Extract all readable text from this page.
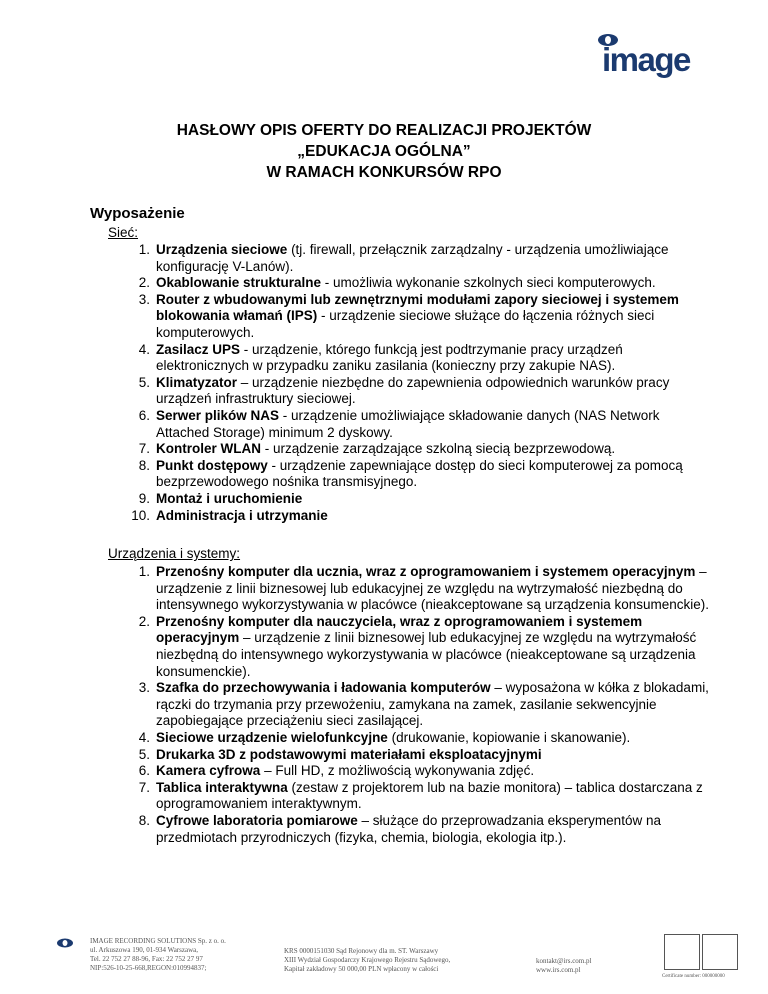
image
HASŁOWY OPIS OFERTY DO REALIZACJI PROJEKTÓW
„EDUKACJA OGÓLNA”
W RAMACH KONKURSÓW RPO
Wyposażenie
Sieć:
1. Urządzenia sieciowe (tj. firewall, przełącznik zarządzalny - urządzenia umożliwiające konfigurację V-Lanów).
2. Okablowanie strukturalne - umożliwia wykonanie szkolnych sieci komputerowych.
3. Router z wbudowanymi lub zewnętrznymi modułami zapory sieciowej i systemem blokowania włamań (IPS) - urządzenie sieciowe służące do łączenia różnych sieci komputerowych.
4. Zasilacz UPS - urządzenie, którego funkcją jest podtrzymanie pracy urządzeń elektronicznych w przypadku zaniku zasilania (konieczny przy zakupie NAS).
5. Klimatyzator – urządzenie niezbędne do zapewnienia odpowiednich warunków pracy urządzeń infrastruktury sieciowej.
6. Serwer plików NAS - urządzenie umożliwiające składowanie danych (NAS Network Attached Storage) minimum 2 dyskowy.
7. Kontroler WLAN - urządzenie zarządzające szkolną siecią bezprzewodową.
8. Punkt dostępowy - urządzenie zapewniające dostęp do sieci komputerowej za pomocą bezprzewodowego nośnika transmisyjnego.
9. Montaż i uruchomienie
10. Administracja i utrzymanie
Urządzenia i systemy:
1. Przenośny komputer dla ucznia, wraz z oprogramowaniem i systemem operacyjnym – urządzenie z linii biznesowej lub edukacyjnej ze względu na wytrzymałość niezbędną do intensywnego wykorzystywania w placówce (nieakceptowane są urządzenia konsumenckie).
2. Przenośny komputer dla nauczyciela, wraz z oprogramowaniem i systemem operacyjnym – urządzenie z linii biznesowej lub edukacyjnej ze względu na wytrzymałość niezbędną do intensywnego wykorzystywania w placówce (nieakceptowane są urządzenia konsumenckie).
3. Szafka do przechowywania i ładowania komputerów – wyposażona w kółka z blokadami, rączki do trzymania przy przewożeniu, zamykana na zamek, zasilanie sekwencyjnie zapobiegające przeciążeniu sieci zasilającej.
4. Sieciowe urządzenie wielofunkcyjne (drukowanie, kopiowanie i skanowanie).
5. Drukarka 3D z podstawowymi materiałami eksploatacyjnymi
6. Kamera cyfrowa – Full HD, z możliwością wykonywania zdjęć.
7. Tablica interaktywna (zestaw z projektorem lub na bazie monitora) – tablica dostarczana z oprogramowaniem interaktywnym.
8. Cyfrowe laboratoria pomiarowe – służące do przeprowadzania eksperymentów na przedmiotach przyrodniczych (fizyka, chemia, biologia, ekologia itp.).
IMAGE RECORDING SOLUTIONS Sp. z o. o.
ul. Arkuszowa 190, 01-934 Warszawa,
Tel. 22 752 27 88-96, Fax: 22 752 27 97
NIP:526-10-25-668,REGON:010994837;
KRS 0000151030 Sąd Rejonowy dla m. ST. Warszawy
XIII Wydział Gospodarczy Krajowego Rejestru Sądowego,
Kapitał zakładowy 50 000,00 PLN wpłacony w całości
kontakt@irs.com.pl
www.irs.com.pl
Certificate number: 000000000
